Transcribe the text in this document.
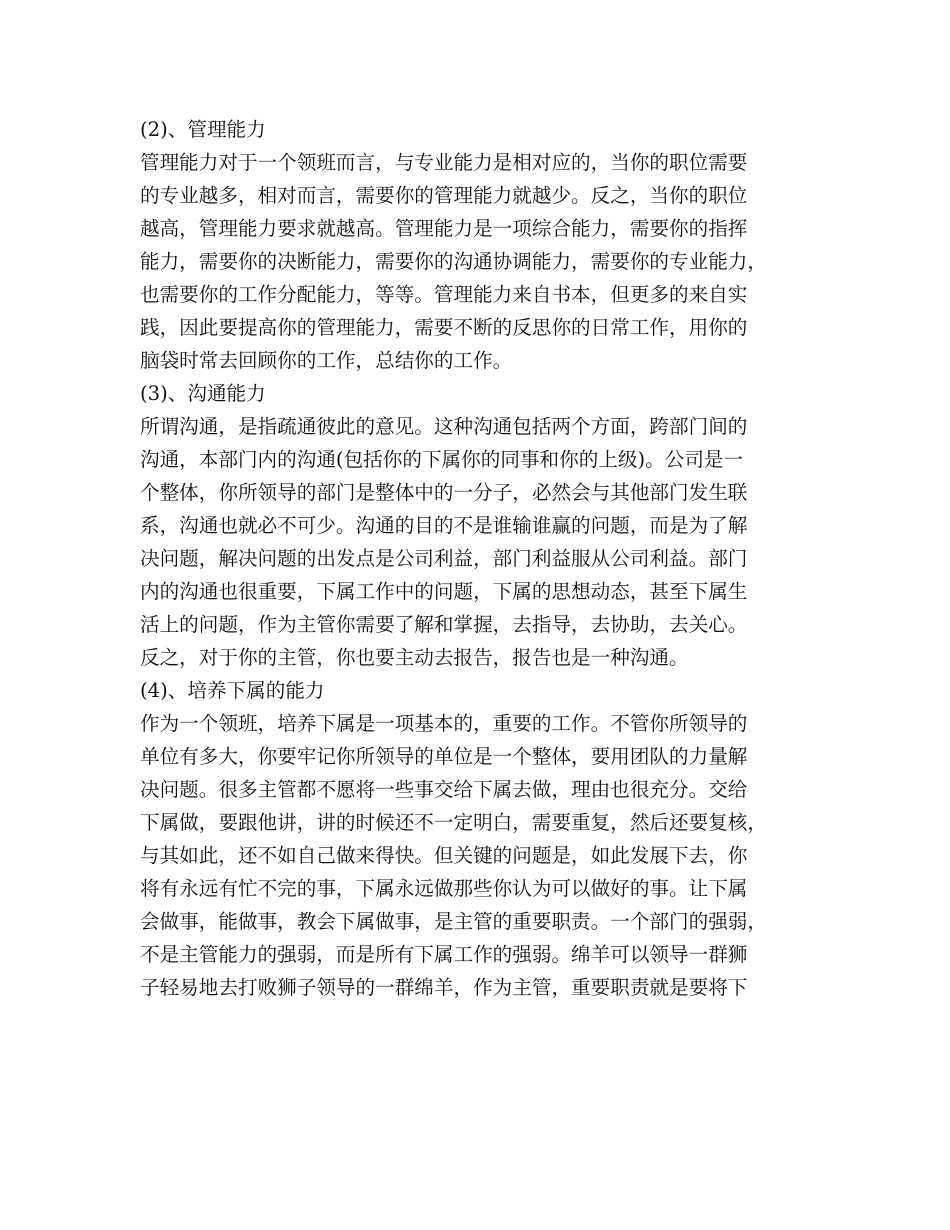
(2)、管理能力
管理能力对于一个领班而言，与专业能力是相对应的，当你的职位需要
的专业越多，相对而言，需要你的管理能力就越少。反之，当你的职位
越高，管理能力要求就越高。管理能力是一项综合能力，需要你的指挥
能力，需要你的决断能力，需要你的沟通协调能力，需要你的专业能力，
也需要你的工作分配能力，等等。管理能力来自书本，但更多的来自实
践，因此要提高你的管理能力，需要不断的反思你的日常工作，用你的
脑袋时常去回顾你的工作，总结你的工作。
(3)、沟通能力
所谓沟通，是指疏通彼此的意见。这种沟通包括两个方面，跨部门间的
沟通，本部门内的沟通(包括你的下属你的同事和你的上级)。公司是一
个整体，你所领导的部门是整体中的一分子，必然会与其他部门发生联
系，沟通也就必不可少。沟通的目的不是谁输谁赢的问题，而是为了解
决问题，解决问题的出发点是公司利益，部门利益服从公司利益。部门
内的沟通也很重要，下属工作中的问题，下属的思想动态，甚至下属生
活上的问题，作为主管你需要了解和掌握，去指导，去协助，去关心。
反之，对于你的主管，你也要主动去报告，报告也是一种沟通。
(4)、培养下属的能力
作为一个领班，培养下属是一项基本的，重要的工作。不管你所领导的
单位有多大，你要牢记你所领导的单位是一个整体，要用团队的力量解
决问题。很多主管都不愿将一些事交给下属去做，理由也很充分。交给
下属做，要跟他讲，讲的时候还不一定明白，需要重复，然后还要复核，
与其如此，还不如自己做来得快。但关键的问题是，如此发展下去，你
将有永远有忙不完的事，下属永远做那些你认为可以做好的事。让下属
会做事，能做事，教会下属做事，是主管的重要职责。一个部门的强弱，
不是主管能力的强弱，而是所有下属工作的强弱。绵羊可以领导一群狮
子轻易地去打败狮子领导的一群绵羊，作为主管，重要职责就是要将下
